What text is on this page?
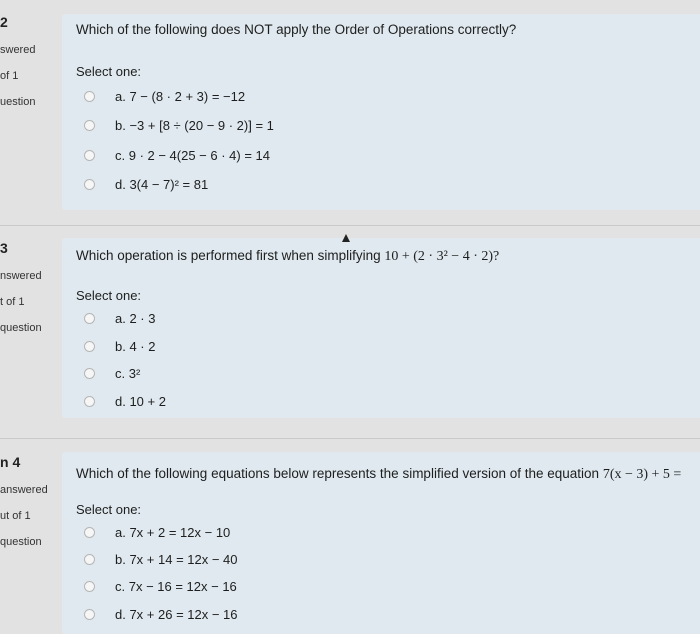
2
swered
of 1
uestion
Which of the following does NOT apply the Order of Operations correctly?
Select one:
a. 7 − (8 · 2 + 3) = −12
b. −3 + [8 ÷ (20 − 9 · 2)] = 1
c. 9 · 2 − 4(25 − 6 · 4) = 14
d. 3(4 − 7)² = 81
3
nswered
t of 1
question
Which operation is performed first when simplifying 10 + (2 · 3² − 4 · 2)?
Select one:
a. 2 · 3
b. 4 · 2
c. 3²
d. 10 + 2
n 4
answered
ut of 1
question
Which of the following equations below represents the simplified version of the equation 7(x − 3) + 5 =
Select one:
a. 7x + 2 = 12x − 10
b. 7x + 14 = 12x − 40
c. 7x − 16 = 12x − 16
d. 7x + 26 = 12x − 16
